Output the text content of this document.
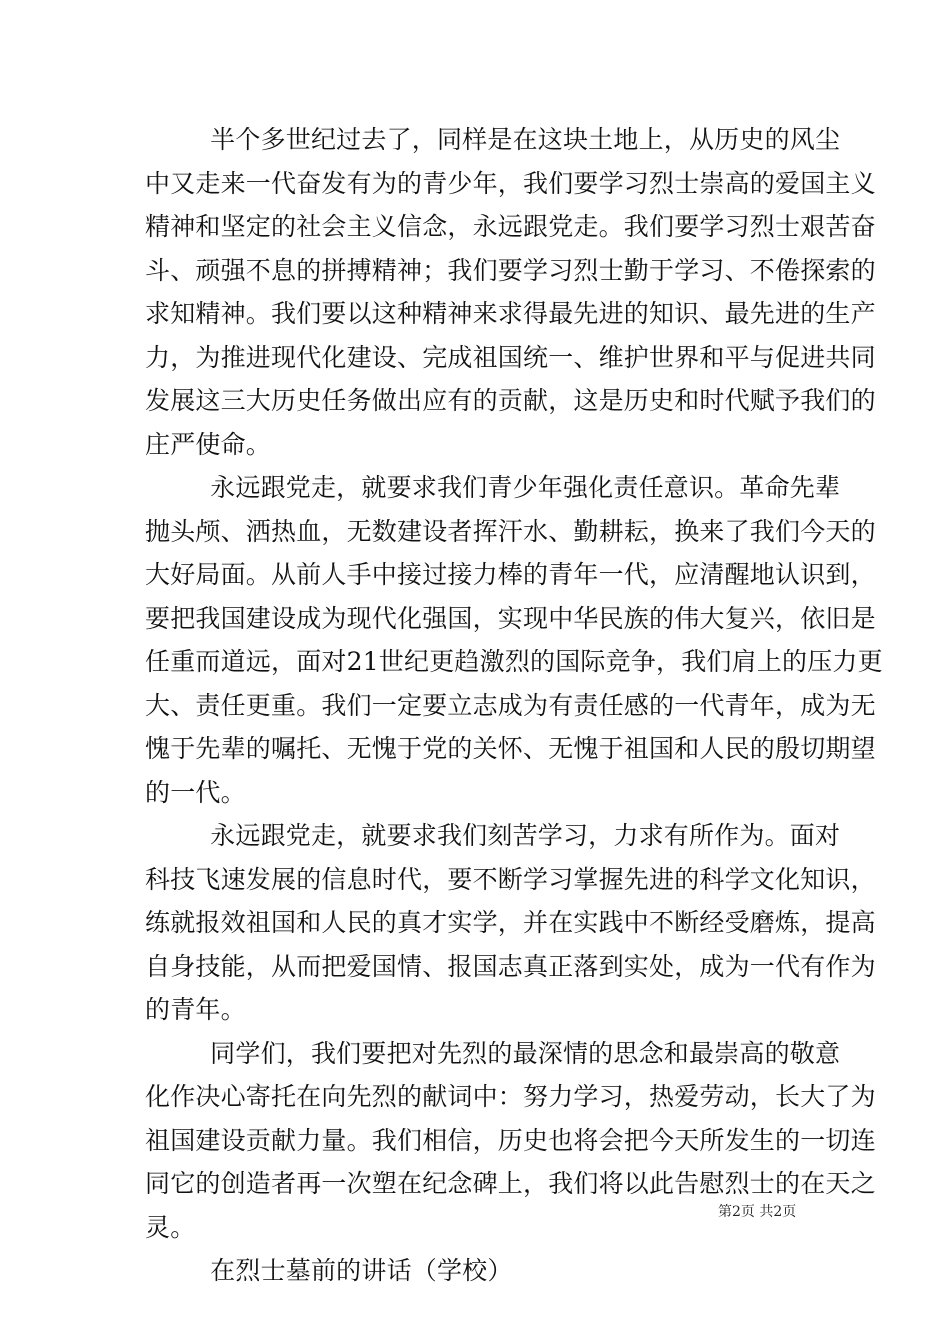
半个多世纪过去了，同样是在这块土地上，从历史的风尘
中又走来一代奋发有为的青少年，我们要学习烈士崇高的爱国主义
精神和坚定的社会主义信念，永远跟党走。我们要学习烈士艰苦奋
斗、顽强不息的拼搏精神；我们要学习烈士勤于学习、不倦探索的
求知精神。我们要以这种精神来求得最先进的知识、最先进的生产
力，为推进现代化建设、完成祖国统一、维护世界和平与促进共同
发展这三大历史任务做出应有的贡献，这是历史和时代赋予我们的
庄严使命。
永远跟党走，就要求我们青少年强化责任意识。革命先辈
抛头颅、洒热血，无数建设者挥汗水、勤耕耘，换来了我们今天的
大好局面。从前人手中接过接力棒的青年一代，应清醒地认识到，
要把我国建设成为现代化强国，实现中华民族的伟大复兴，依旧是
任重而道远，面对21世纪更趋激烈的国际竞争，我们肩上的压力更
大、责任更重。我们一定要立志成为有责任感的一代青年，成为无
愧于先辈的嘱托、无愧于党的关怀、无愧于祖国和人民的殷切期望
的一代。
永远跟党走，就要求我们刻苦学习，力求有所作为。面对
科技飞速发展的信息时代，要不断学习掌握先进的科学文化知识，
练就报效祖国和人民的真才实学，并在实践中不断经受磨炼，提高
自身技能，从而把爱国情、报国志真正落到实处，成为一代有作为
的青年。
同学们，我们要把对先烈的最深情的思念和最崇高的敬意
化作决心寄托在向先烈的献词中：努力学习，热爱劳动，长大了为
祖国建设贡献力量。我们相信，历史也将会把今天所发生的一切连
同它的创造者再一次塑在纪念碑上，我们将以此告慰烈士的在天之
灵。
在烈士墓前的讲话（学校）
第2页 共2页
